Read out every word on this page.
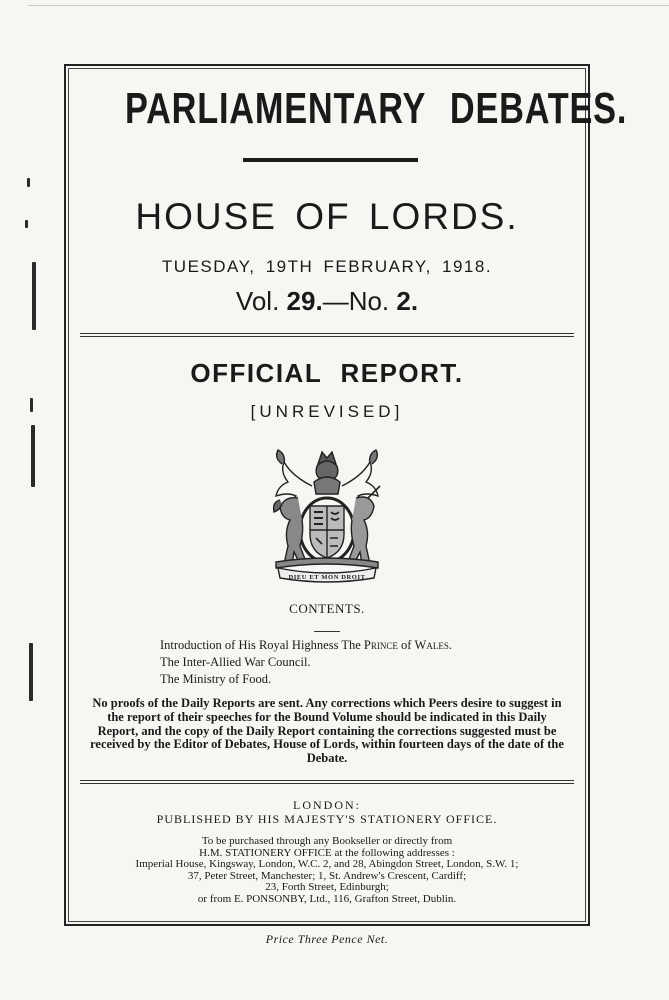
PARLIAMENTARY DEBATES.
HOUSE OF LORDS.
TUESDAY, 19TH FEBRUARY, 1918.
Vol. 29.—No. 2.
OFFICIAL REPORT.
[UNREVISED]
DIEU ET MON DROIT
CONTENTS.
Introduction of His Royal Highness The Prince of Wales.
The Inter-Allied War Council.
The Ministry of Food.
No proofs of the Daily Reports are sent. Any corrections which Peers desire to suggest in the report of their speeches for the Bound Volume should be indicated in this Daily Report, and the copy of the Daily Report containing the corrections suggested must be received by the Editor of Debates, House of Lords, within fourteen days of the date of the Debate.
LONDON:
PUBLISHED BY HIS MAJESTY'S STATIONERY OFFICE.
To be purchased through any Bookseller or directly from
H.M. STATIONERY OFFICE at the following addresses :
Imperial House, Kingsway, London, W.C. 2, and 28, Abingdon Street, London, S.W. 1;
37, Peter Street, Manchester; 1, St. Andrew's Crescent, Cardiff;
23, Forth Street, Edinburgh;
or from E. PONSONBY, Ltd., 116, Grafton Street, Dublin.
Price Three Pence Net.
